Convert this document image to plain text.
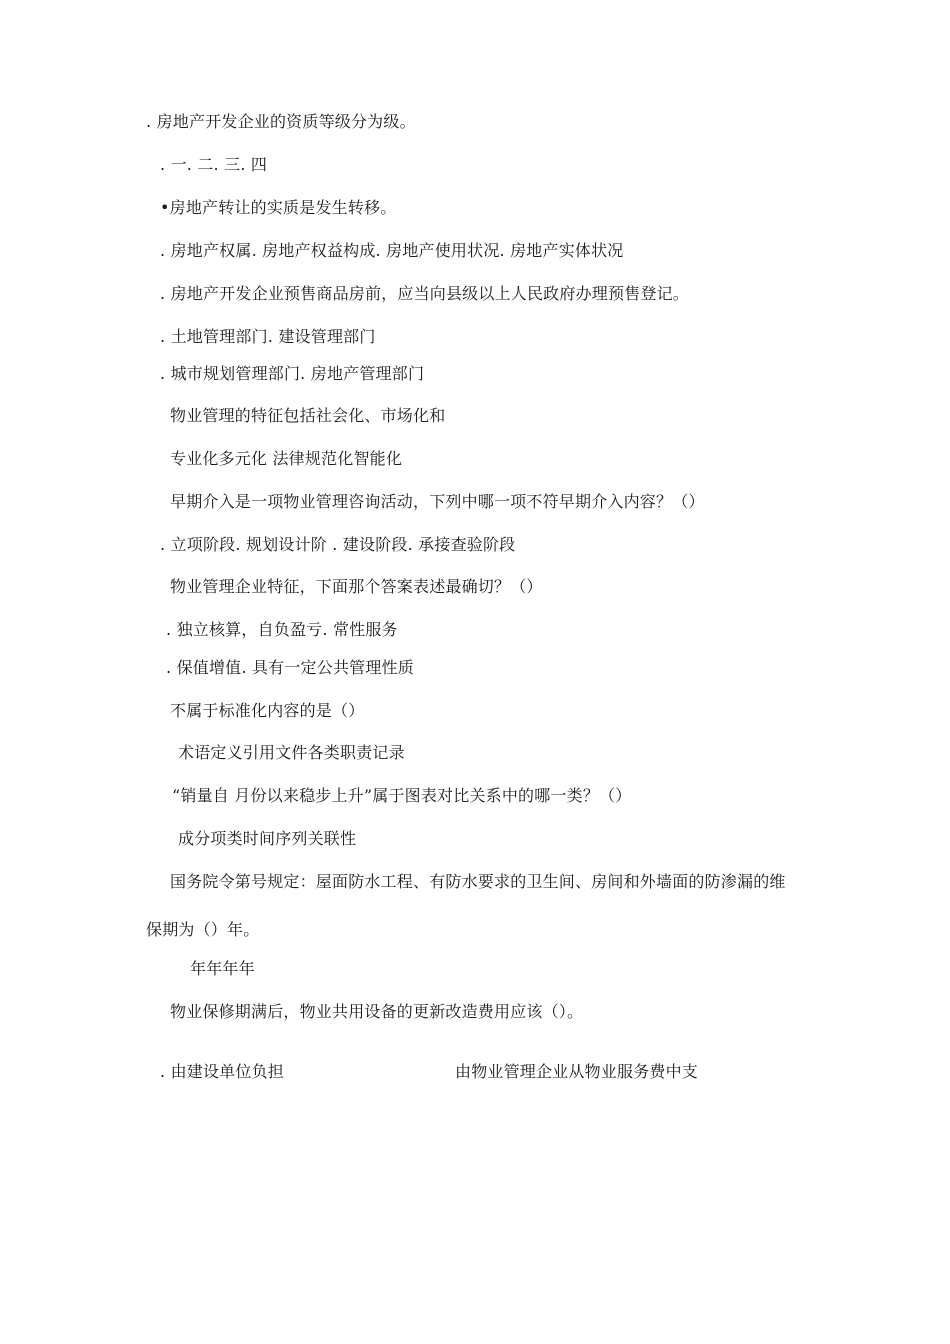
. 房地产开发企业的资质等级分为级。
. 一. 二. 三. 四
•房地产转让的实质是发生转移。
. 房地产权属. 房地产权益构成. 房地产使用状况. 房地产实体状况
. 房地产开发企业预售商品房前，应当向县级以上人民政府办理预售登记。
. 土地管理部门. 建设管理部门
. 城市规划管理部门. 房地产管理部门
物业管理的特征包括社会化、市场化和
专业化多元化 法律规范化智能化
早期介入是一项物业管理咨询活动，下列中哪一项不符早期介入内容？（）
. 立项阶段. 规划设计阶 . 建设阶段. 承接查验阶段
物业管理企业特征，下面那个答案表述最确切？（）
. 独立核算，自负盈亏. 常性服务
. 保值增值. 具有一定公共管理性质
不属于标准化内容的是（）
术语定义引用文件各类职责记录
“销量自 月份以来稳步上升”属于图表对比关系中的哪一类？（）
成分项类时间序列关联性
国务院令第号规定：屋面防水工程、有防水要求的卫生间、房间和外墙面的防渗漏的维
保期为（）年。
年年年年
物业保修期满后，物业共用设备的更新改造费用应该（）。
. 由建设单位负担	由物业管理企业从物业服务费中支
